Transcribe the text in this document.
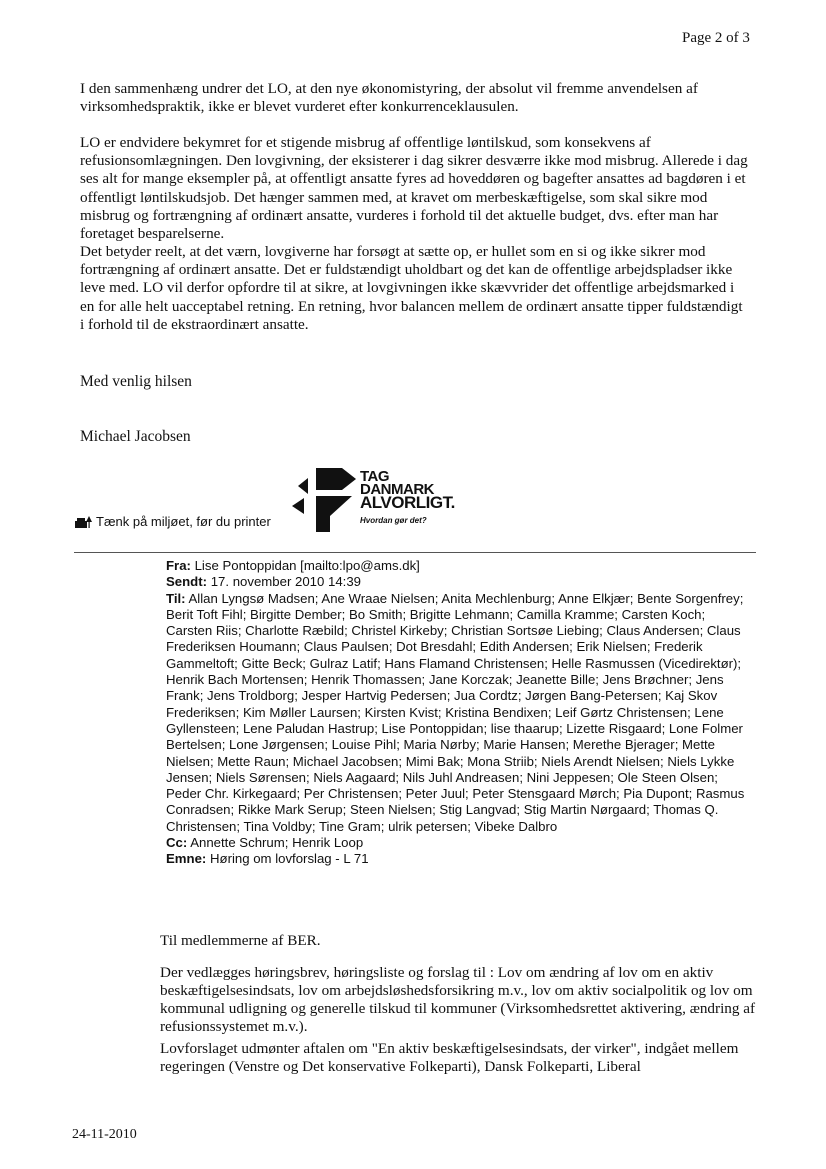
Page 2 of 3

I den sammenhæng undrer det LO, at den nye økonomistyring, der absolut vil fremme anvendelsen af virksomhedspraktik, ikke er blevet vurderet efter konkurrenceklausulen.

LO er endvidere bekymret for et stigende misbrug af offentlige løntilskud, som konsekvens af refusionsomlægningen. Den lovgivning, der eksisterer i dag sikrer desværre ikke mod misbrug. Allerede i dag ses alt for mange eksempler på, at offentligt ansatte fyres ad hoveddøren og bagefter ansattes ad bagdøren i et offentligt løntilskudsjob. Det hænger sammen med, at kravet om merbeskæftigelse, som skal sikre mod misbrug og fortrængning af ordinært ansatte, vurderes i forhold til det aktuelle budget, dvs. efter man har foretaget besparelserne.

Det betyder reelt, at det værn, lovgiverne har forsøgt at sætte op, er hullet som en si og ikke sikrer mod fortrængning af ordinært ansatte. Det er fuldstændigt uholdbart og det kan de offentlige arbejdspladser ikke leve med. LO vil derfor opfordre til at sikre, at lovgivningen ikke skævvrider det offentlige arbejdsmarked i en for alle helt uacceptabel retning. En retning, hvor balancen mellem de ordinært ansatte tipper fuldstændigt i forhold til de ekstraordinært ansatte.

Med venlig hilsen
Michael Jacobsen
TAG
DANMARK
ALVORLIGT.
Hvordan gør det?
Tænk på miljøet, før du printer

Fra: Lise Pontoppidan [mailto:lpo@ams.dk]

Sendt: 17. november 2010 14:39

Til: Allan Lyngsø Madsen; Ane Wraae Nielsen; Anita Mechlenburg; Anne Elkjær; Bente Sorgenfrey; Berit Toft Fihl; Birgitte Dember; Bo Smith; Brigitte Lehmann; Camilla Kramme; Carsten Koch; Carsten Riis; Charlotte Ræbild; Christel Kirkeby; Christian Sortsøe Liebing; Claus Andersen; Claus Frederiksen Houmann; Claus Paulsen; Dot Bresdahl; Edith Andersen; Erik Nielsen; Frederik Gammeltoft; Gitte Beck; Gulraz Latif; Hans Flamand Christensen; Helle Rasmussen (Vicedirektør); Henrik Bach Mortensen; Henrik Thomassen; Jane Korczak; Jeanette Bille; Jens Brøchner; Jens Frank; Jens Troldborg; Jesper Hartvig Pedersen; Jua Cordtz; Jørgen Bang-Petersen; Kaj Skov Frederiksen; Kim Møller Laursen; Kirsten Kvist; Kristina Bendixen; Leif Gørtz Christensen; Lene Gyllensteen; Lene Paludan Hastrup; Lise Pontoppidan; lise thaarup; Lizette Risgaard; Lone Folmer Bertelsen; Lone Jørgensen; Louise Pihl; Maria Nørby; Marie Hansen; Merethe Bjerager; Mette Nielsen; Mette Raun; Michael Jacobsen; Mimi Bak; Mona Striib; Niels Arendt Nielsen; Niels Lykke Jensen; Niels Sørensen; Niels Aagaard; Nils Juhl Andreasen; Nini Jeppesen; Ole Steen Olsen; Peder Chr. Kirkegaard; Per Christensen; Peter Juul; Peter Stensgaard Mørch; Pia Dupont; Rasmus Conradsen; Rikke Mark Serup; Steen Nielsen; Stig Langvad; Stig Martin Nørgaard; Thomas Q. Christensen; Tina Voldby; Tine Gram; ulrik petersen; Vibeke Dalbro

Cc: Annette Schrum; Henrik Loop

Emne: Høring om lovforslag - L 71

Til medlemmerne af BER.

Der vedlægges høringsbrev, høringsliste og forslag til : Lov om ændring af lov om en aktiv beskæftigelsesindsats, lov om arbejdsløshedsforsikring m.v., lov om aktiv socialpolitik og lov om kommunal udligning og generelle tilskud til kommuner (Virksomhedsrettet aktivering, ændring af refusionssystemet m.v.).

Lovforslaget udmønter aftalen om "En aktiv beskæftigelsesindsats, der virker", indgået mellem regeringen (Venstre og Det konservative Folkeparti), Dansk Folkeparti, Liberal

24-11-2010
